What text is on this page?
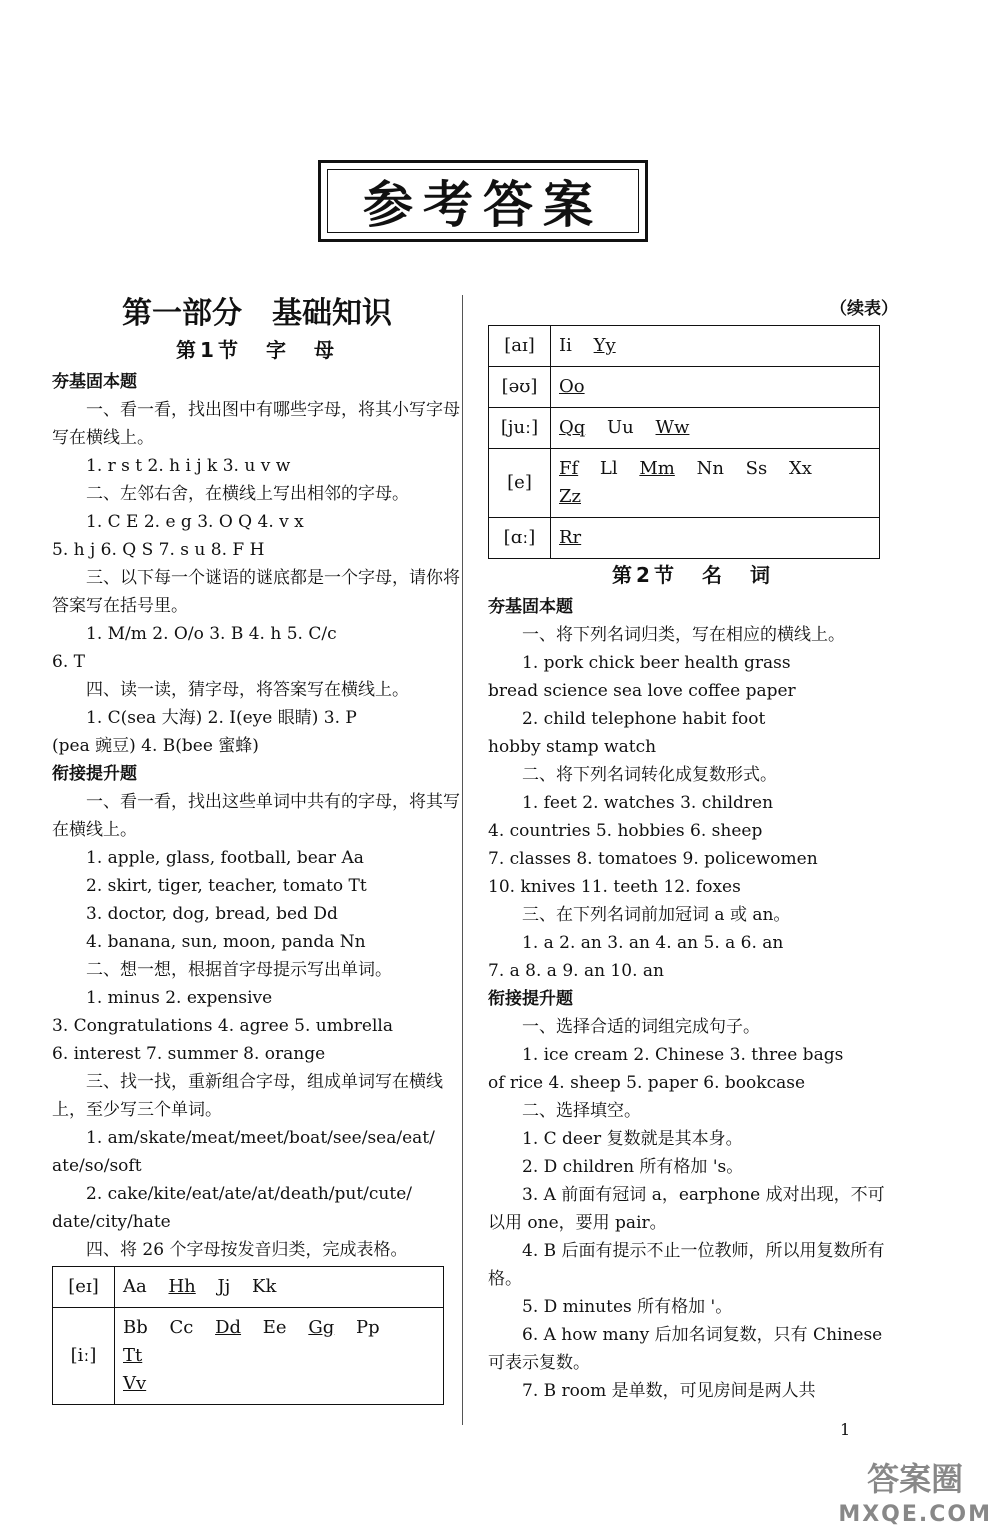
参考答案
第一部分　基础知识
第1节　字　母
夯基固本题

一、看一看，找出图中有哪些字母，将其小写字母写在横线上。

1. r s t 2. h i j k 3. u v w

二、左邻右舍，在横线上写出相邻的字母。

1. C E 2. e g 3. O Q 4. v x

5. h j 6. Q S 7. s u 8. F H

三、以下每一个谜语的谜底都是一个字母，请你将答案写在括号里。

1. M/m 2. O/o 3. B 4. h 5. C/c

6. T

四、读一读，猜字母，将答案写在横线上。

1. C(sea 大海) 2. I(eye 眼睛) 3. P

(pea 豌豆) 4. B(bee 蜜蜂)

衔接提升题

一、看一看，找出这些单词中共有的字母，将其写在横线上。

1. apple, glass, football, bear Aa

2. skirt, tiger, teacher, tomato Tt

3. doctor, dog, bread, bed Dd

4. banana, sun, moon, panda Nn

二、想一想，根据首字母提示写出单词。

1. minus 2. expensive

3. Congratulations 4. agree 5. umbrella

6. interest 7. summer 8. orange

三、找一找，重新组合字母，组成单词写在横线上，至少写三个单词。

1. am/skate/meat/meet/boat/see/sea/eat/

ate/so/soft

2. cake/kite/eat/ate/at/death/put/cute/

date/city/hate

四、将 26 个字母按发音归类，完成表格。

[eɪ]	Aa Hh Jj Kk
[iː]	Bb Cc Dd Ee Gg Pp Tt
Vv
（续表）
[aɪ]	Ii Yy
[əʊ]	Oo
[juː]	Qq Uu Ww
[e]	Ff Ll Mm Nn Ss Xx Zz
[ɑː]	Rr
第2节　名　词
夯基固本题

一、将下列名词归类，写在相应的横线上。

1. pork chick beer health grass

bread science sea love coffee paper

2. child telephone habit foot

hobby stamp watch

二、将下列名词转化成复数形式。

1. feet 2. watches 3. children

4. countries 5. hobbies 6. sheep

7. classes 8. tomatoes 9. policewomen

10. knives 11. teeth 12. foxes

三、在下列名词前加冠词 a 或 an。

1. a 2. an 3. an 4. an 5. a 6. an

7. a 8. a 9. an 10. an

衔接提升题

一、选择合适的词组完成句子。

1. ice cream 2. Chinese 3. three bags

of rice 4. sheep 5. paper 6. bookcase

二、选择填空。

1. C deer 复数就是其本身。

2. D children 所有格加 's。

3. A 前面有冠词 a，earphone 成对出现，不可以用 one，要用 pair。

4. B 后面有提示不止一位教师，所以用复数所有格。

5. D minutes 所有格加 '。

6. A how many 后加名词复数，只有 Chinese 可表示复数。

7. B room 是单数，可见房间是两人共

1
答案圈
MXQE.COM
